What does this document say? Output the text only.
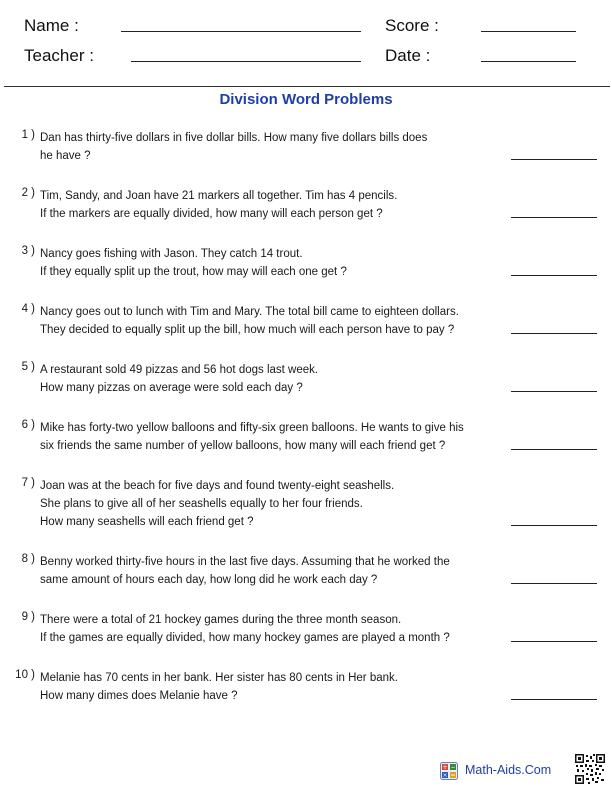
Name :	Score :
Teacher :	Date :
Division Word Problems
1 ) Dan has thirty-five dollars in five dollar bills. How many five dollars bills does
he have ?
2 ) Tim, Sandy, and Joan have 21 markers all together. Tim has 4 pencils.
If the markers are equally divided, how many will each person get ?
3 ) Nancy goes fishing with Jason. They catch 14 trout.
If they equally split up the trout, how may will each one get ?
4 ) Nancy goes out to lunch with Tim and Mary. The total bill came to eighteen dollars.
They decided to equally split up the bill, how much will each person have to pay ?
5 ) A restaurant sold 49 pizzas and 56 hot dogs last week.
How many pizzas on average were sold each day ?
6 ) Mike has forty-two yellow balloons and fifty-six green balloons. He wants to give his
six friends the same number of yellow balloons, how many will each friend get ?
7 ) Joan was at the beach for five days and found twenty-eight seashells.
She plans to give all of her seashells equally to her four friends.
How many seashells will each friend get ?
8 ) Benny worked thirty-five hours in the last five days. Assuming that he worked the
same amount of hours each day, how long did he work each day ?
9 ) There were a total of 21 hockey games during the three month season.
If the games are equally divided, how many hockey games are played a month ?
10 ) Melanie has 70 cents in her bank. Her sister has 80 cents in Her bank.
How many dimes does Melanie have ?
+ −
× = Math-Aids.Com
